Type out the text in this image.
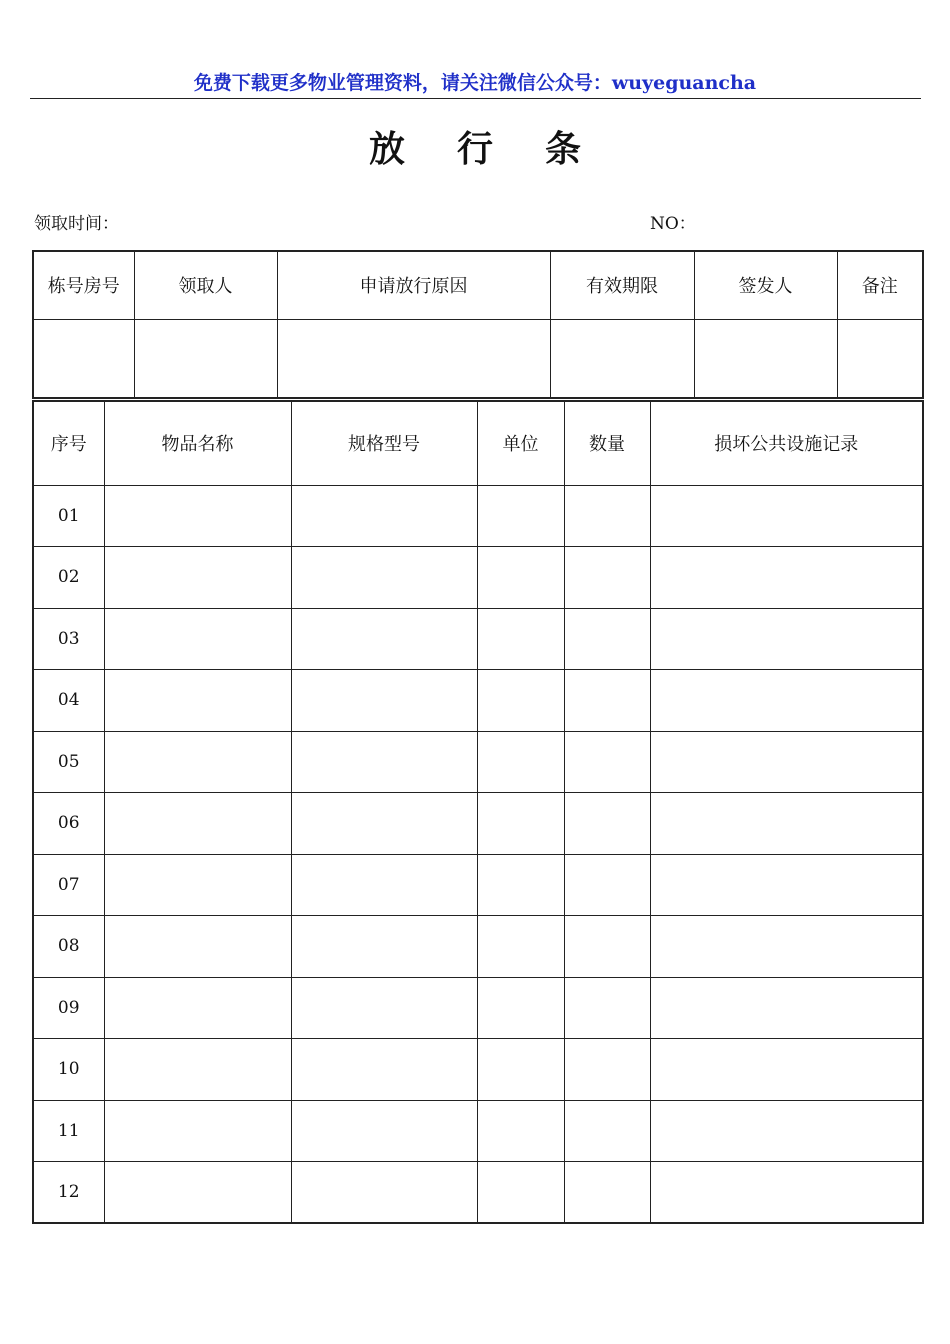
免费下载更多物业管理资料，请关注微信公众号：wuyeguancha
放行条
领取时间：	NO：
栋号房号	领取人	申请放行原因	有效期限	签发人	备注

序号	物品名称	规格型号	单位	数量	损坏公共设施记录
01					
02					
03					
04					
05					
06					
07					
08					
09					
10					
11					
12					
